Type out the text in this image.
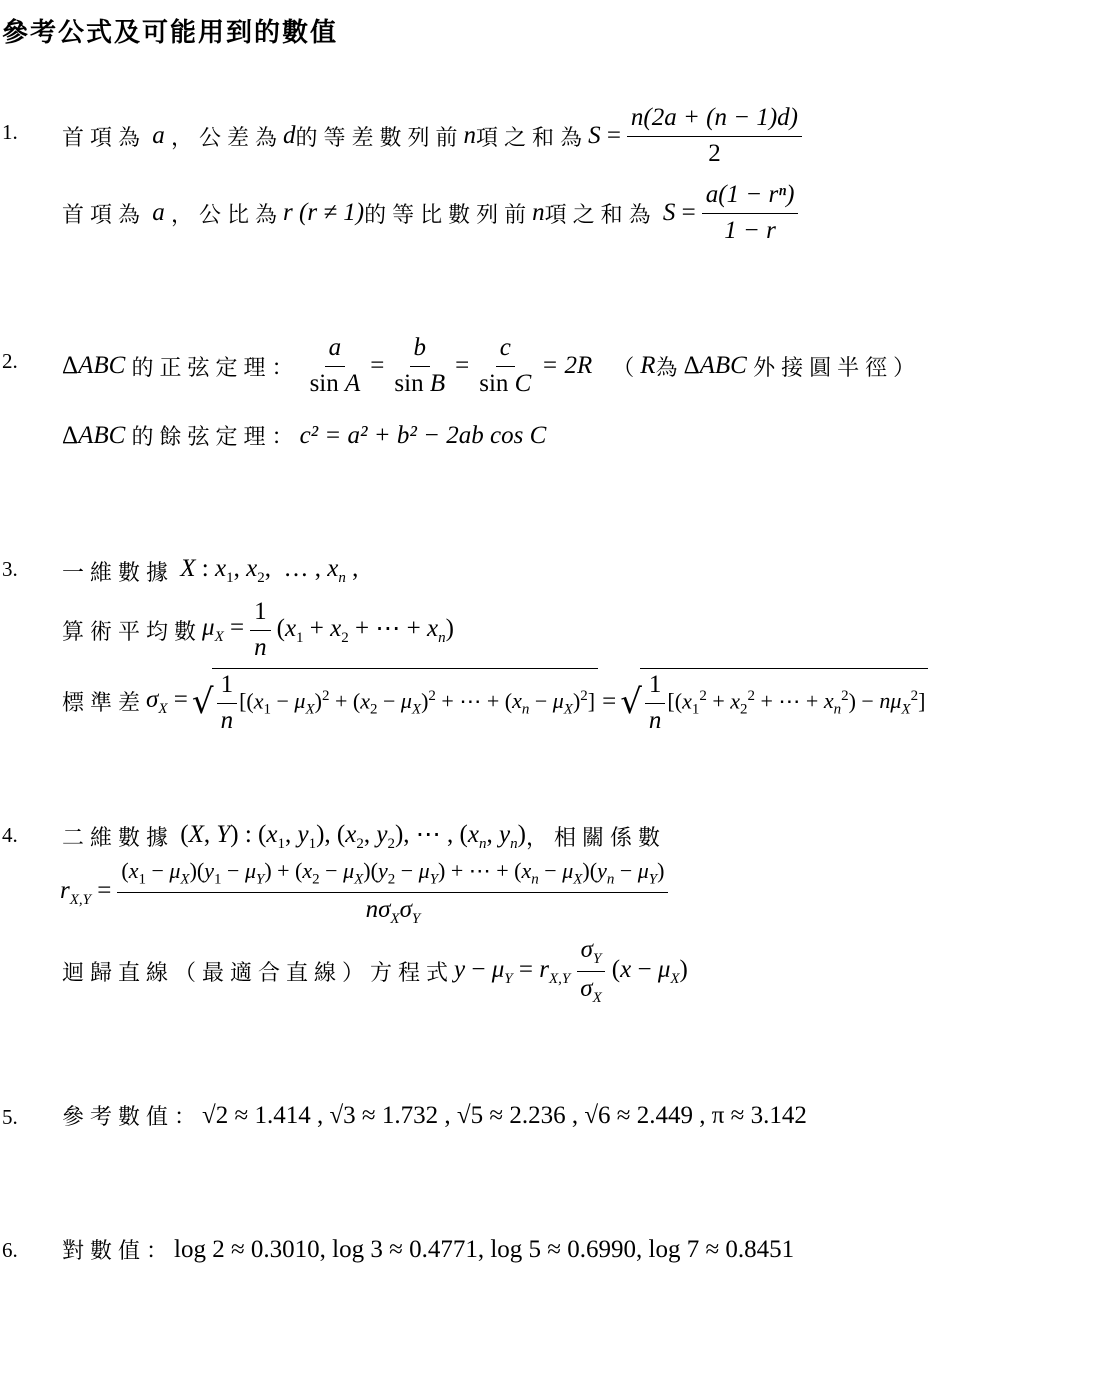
參考公式及可能用到的數值
1.
2.
3.
4.
5.
6.
首項為 a ，公差為 d 的等差數列前 n 項之和為 $S = \frac{n(2a + (n - 1)d)}{2}$
首項為 a ，公比為 r (r ≠ 1) 的等比數列前 n 項之和為 $S = \frac{\text{a(1 − rⁿ)}}{1 - r}$
ΔABC 的正弦定理： $\frac{a}{\text{sin A}} = \frac{b}{\text{sin B}} = \frac{c}{\text{sin C}} = 2R$ （ R 為 ΔABC 外接圓半徑）
ΔABC 的餘弦定理： c² = a² + b² − 2ab cos C
一維數據 X : $x_1$, $x_2$,  … , $x_n$ ,
算術平均數 $\mu_X = \frac{1}{n} (x_1 + x_2$ + ⋯ + $x_n$)
標準差 $\sigma_X$ = √ $\frac{1}{n} [(x_1 - \mu_X)^2 + (x_2 - \mu_X)^2$ + ⋯ + $(x_n - \mu_X)^2$] = √ $\frac{1}{n} [(x_1^2 + x_2^2$ + ⋯ + $x_n^2) - n\mu_X^2$]
二維數據 (X, Y) : ($x_1$, $y_1$), ($x_2$, $y_2$), ⋯ , ($x_n$, $y_n$) ，相關係數
$r_{X,Y}$ =
$(x_1 - \mu_X)(y_1 - \mu_Y) + (x_2 - \mu_X)(y_2 - \mu_Y)$ + ⋯ + $(x_n - \mu_X)(y_n - \mu_Y)$
$n\sigma_X\sigma_Y$
迴歸直線（最適合直線）方程式 $y - \mu_Y = r_{X,Y} \frac{\sigma_Y}{\sigma_X} (x - \mu_X)$
參考數值： √2 ≈ 1.414 , √3 ≈ 1.732 , √5 ≈ 2.236 , √6 ≈ 2.449 , π ≈ 3.142
對數值： log 2 ≈ 0.3010, log 3 ≈ 0.4771, log 5 ≈ 0.6990, log 7 ≈ 0.8451
